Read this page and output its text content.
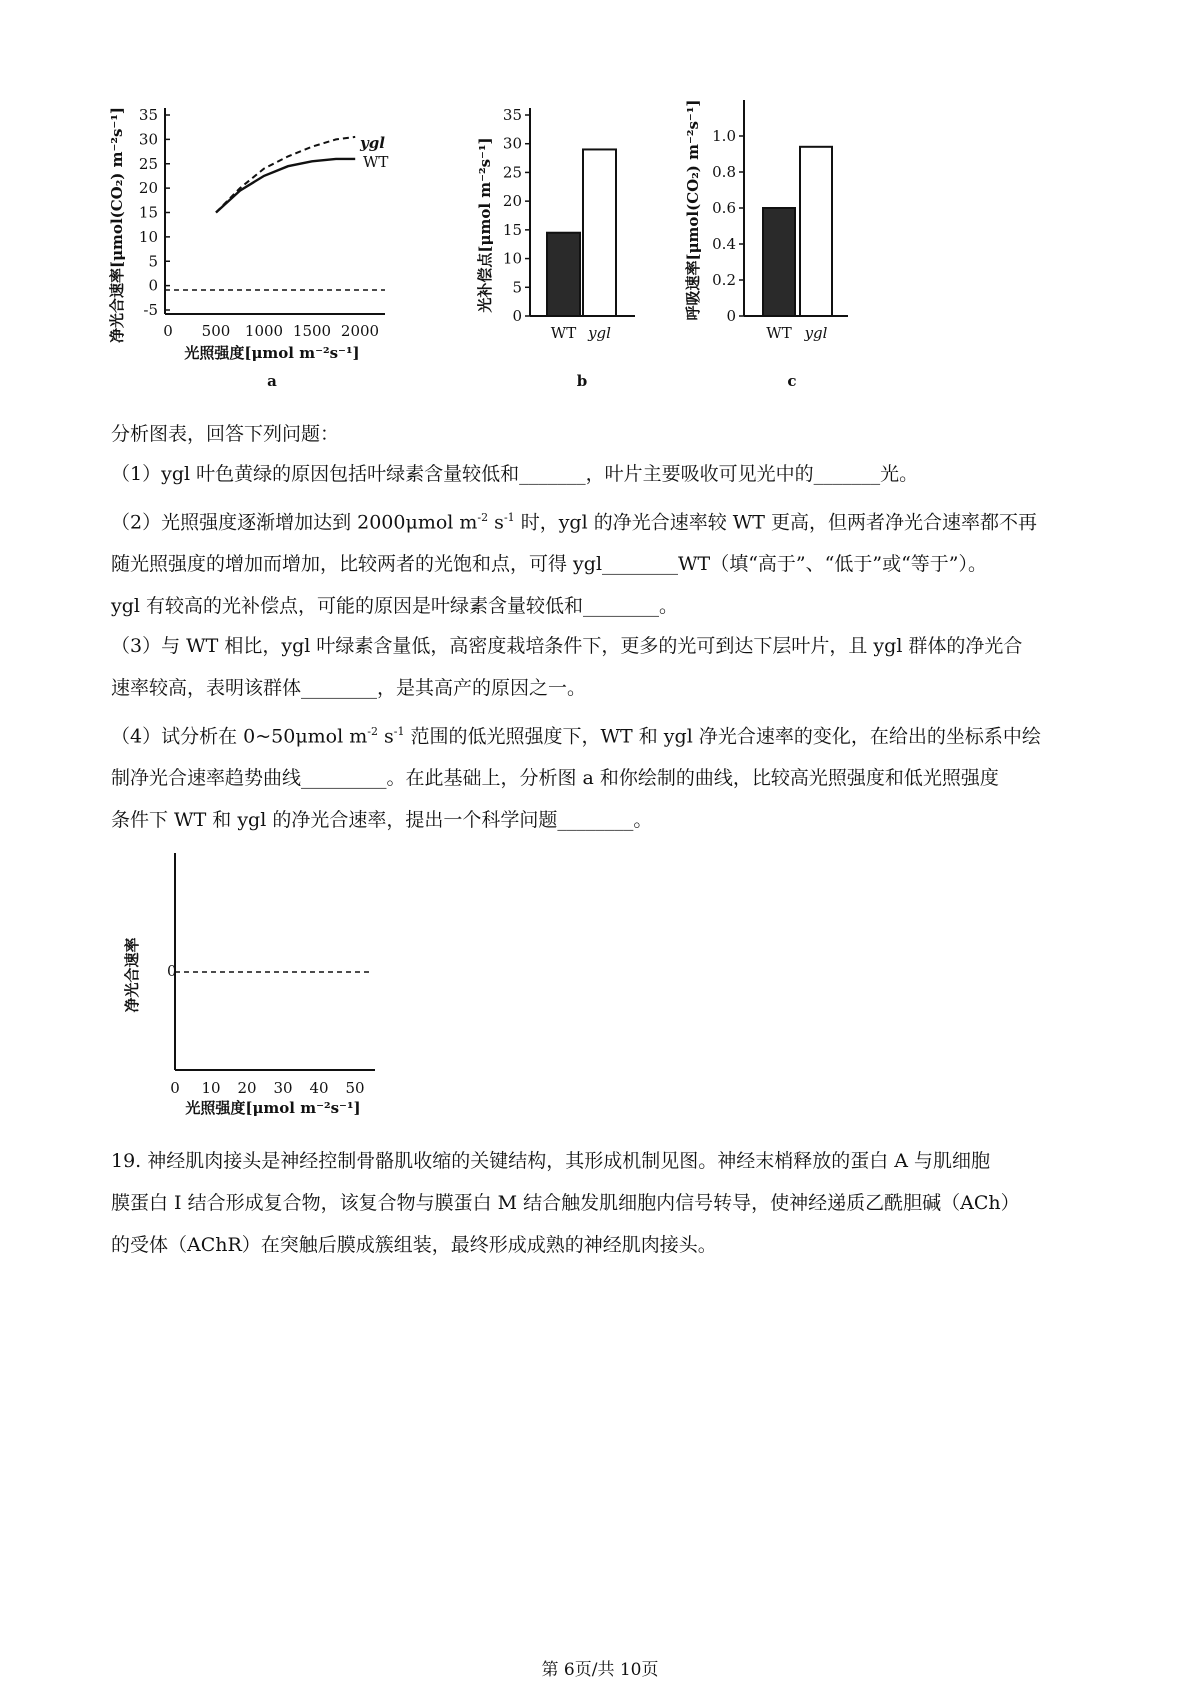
净光合速率[μmol(CO₂) m⁻²s⁻¹] 35
30
25
20
15
10
5
0
-5
0 500 1000 1500 2000
ygl
WT
光照强度[μmol m⁻²s⁻¹]
a
光补偿点[μmol m⁻²s⁻¹]
35
30
25
20
15
10
5
0
WT ygl
b
呼吸速率[μmol(CO₂) m⁻²s⁻¹] 1.0
0.8
0.6
0.4
0.2
0
WT ygl
c

分析图表，回答下列问题：

（1）ygl 叶色黄绿的原因包括叶绿素含量较低和_______，叶片主要吸收可见光中的_______光。

（2）光照强度逐渐增加达到 2000μmol $m^{-2}$ $s^{-1}$ 时，ygl 的净光合速率较 WT 更高，但两者净光合速率都不再
随光照强度的增加而增加，比较两者的光饱和点，可得 ygl________WT（填“高于”、“低于”或“等于”）。
ygl 有较高的光补偿点，可能的原因是叶绿素含量较低和________。

（3）与 WT 相比，ygl 叶绿素含量低，高密度栽培条件下，更多的光可到达下层叶片，且 ygl 群体的净光合
速率较高，表明该群体________，是其高产的原因之一。

（4）试分析在 0~50μmol $m^{-2}$ $s^{-1}$ 范围的低光照强度下，WT 和 ygl 净光合速率的变化，在给出的坐标系中绘
制净光合速率趋势曲线_________。在此基础上，分析图 a 和你绘制的曲线，比较高光照强度和低光照强度
条件下 WT 和 ygl 的净光合速率，提出一个科学问题________。

净光合速率 0
0 10 20 30 40 50
光照强度[μmol m⁻²s⁻¹]

19. 神经肌肉接头是神经控制骨骼肌收缩的关键结构，其形成机制见图。神经末梢释放的蛋白 A 与肌细胞
膜蛋白 Ⅰ 结合形成复合物，该复合物与膜蛋白 M 结合触发肌细胞内信号转导，使神经递质乙酰胆碱（ACh）
的受体（AChR）在突触后膜成簇组装，最终形成成熟的神经肌肉接头。

第 6页/共 10页
